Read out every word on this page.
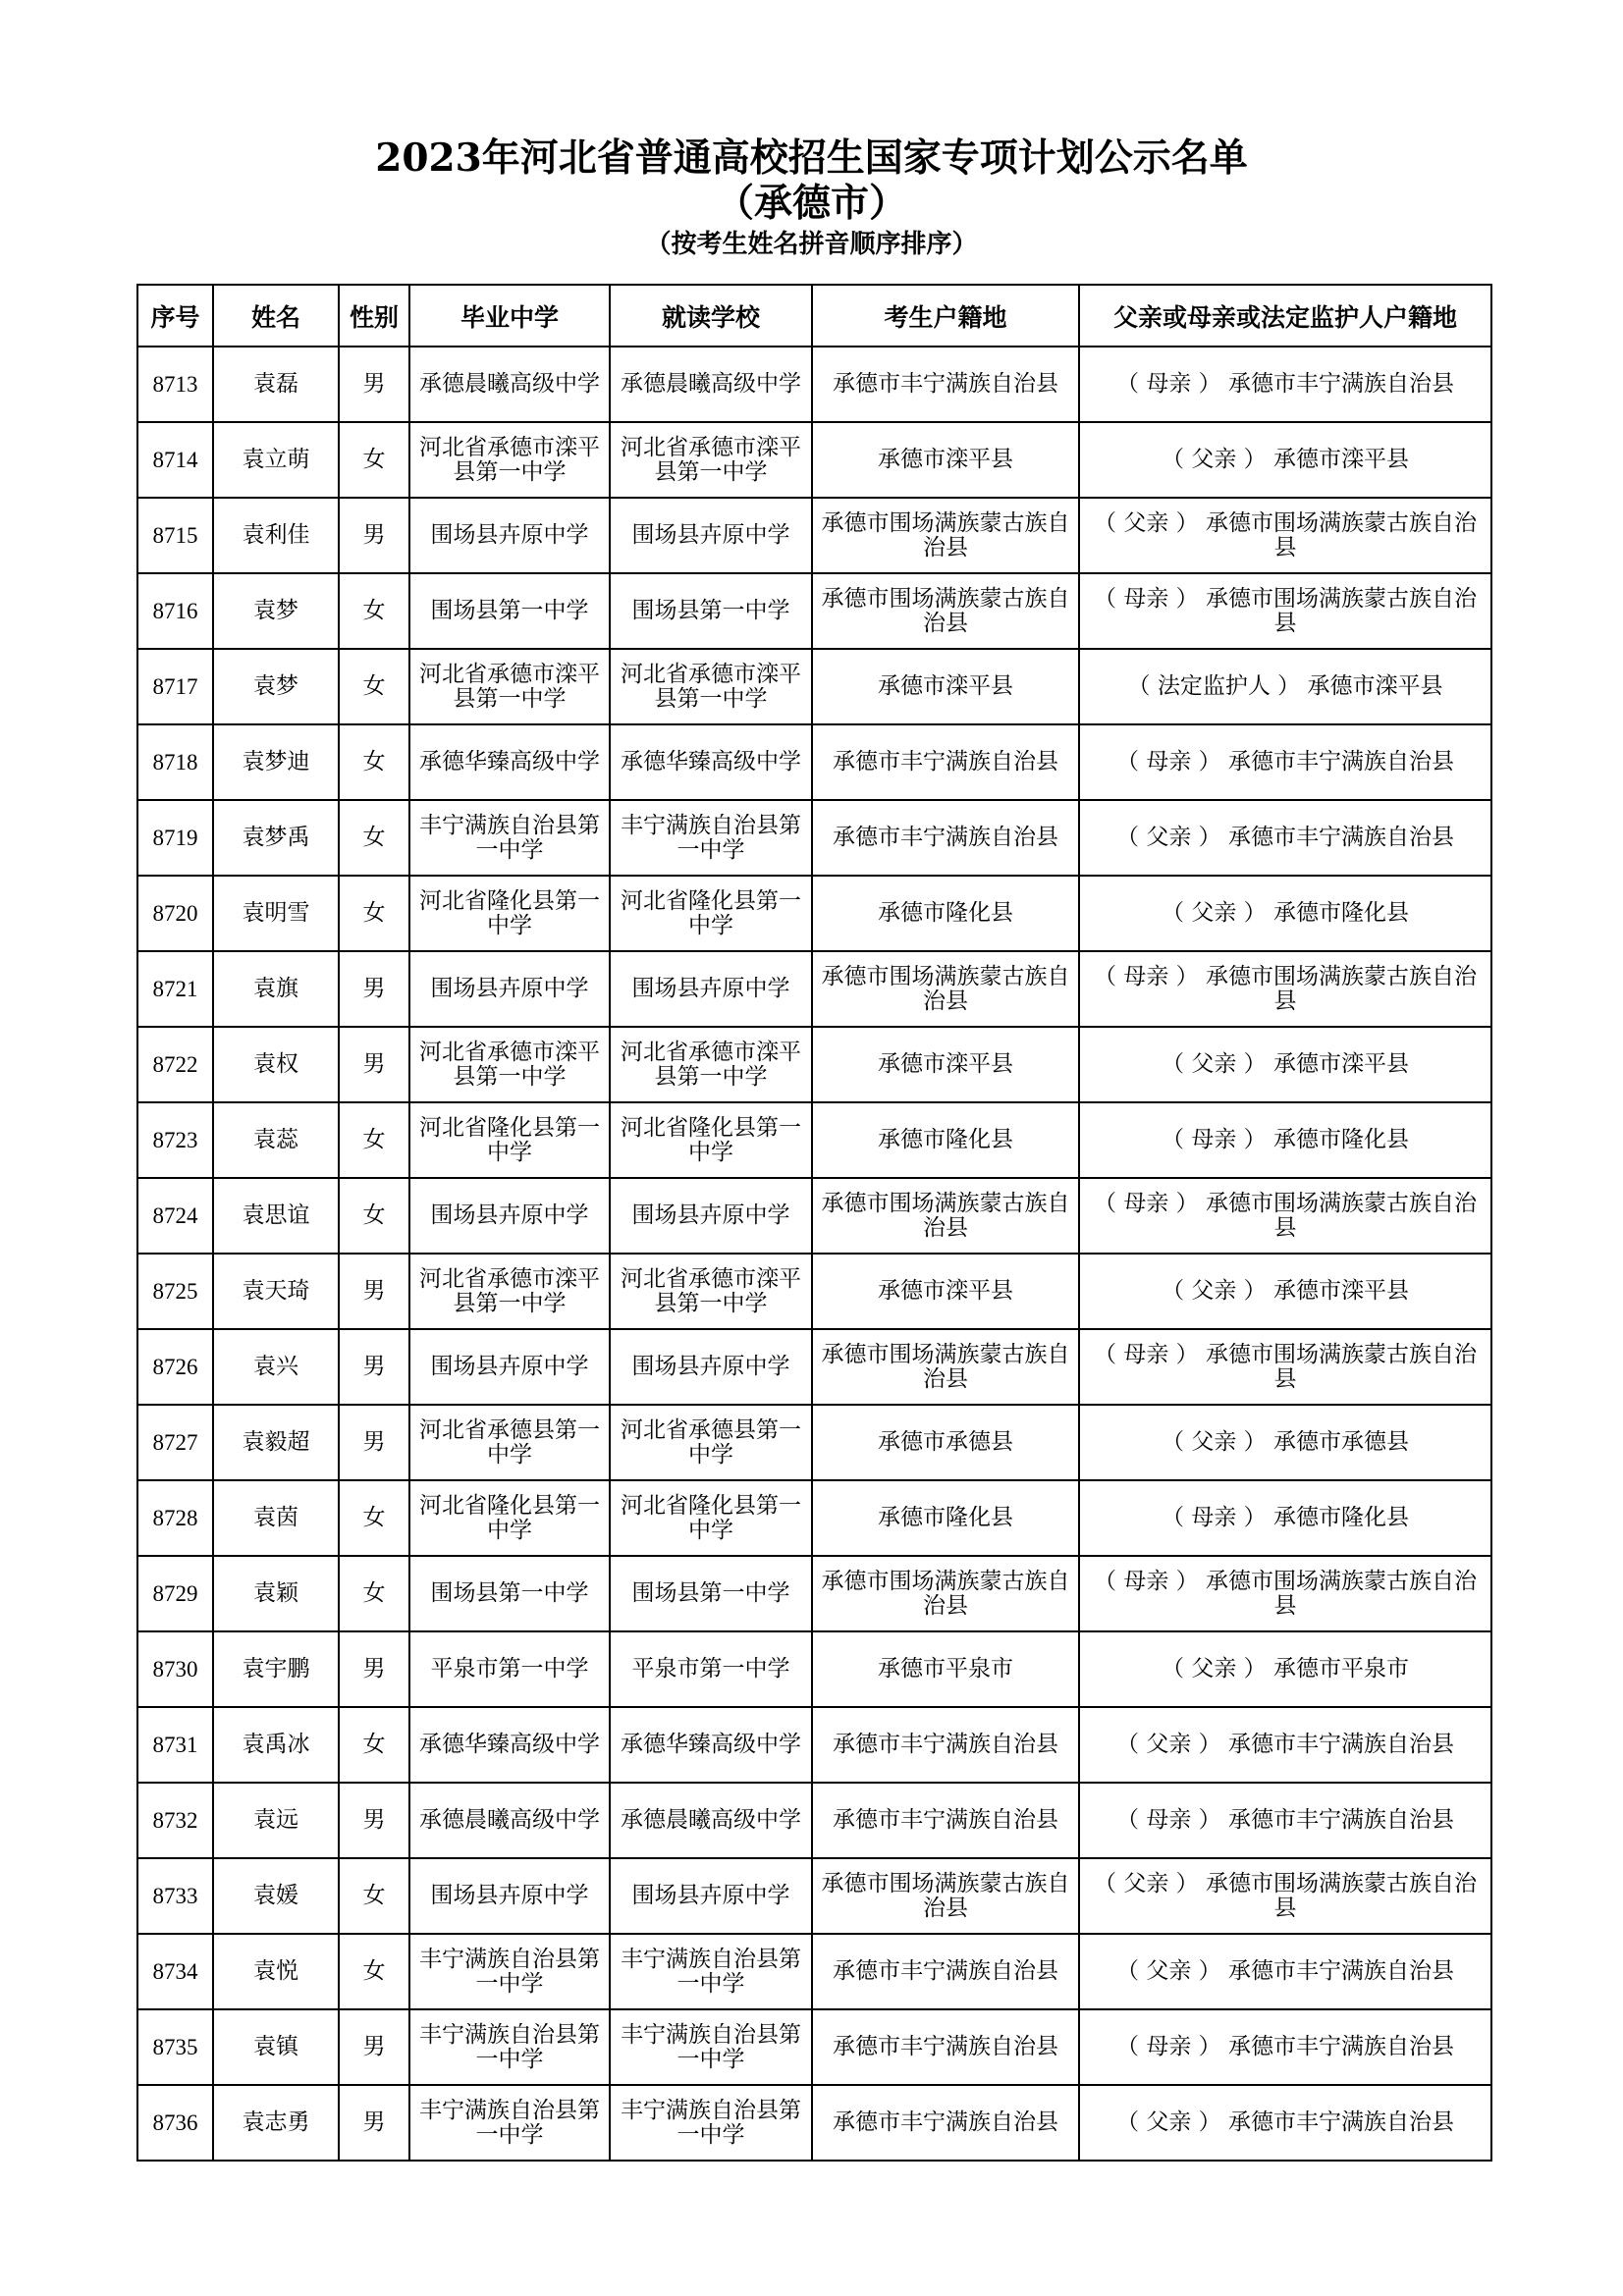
2023年河北省普通高校招生国家专项计划公示名单
（承德市）
（按考生姓名拼音顺序排序）
序号	姓名	性别	毕业中学	就读学校	考生户籍地	父亲或母亲或法定监护人户籍地
8713	袁磊	男	承德晨曦高级中学	承德晨曦高级中学	承德市丰宁满族自治县	（ 母亲 ） 承德市丰宁满族自治县
8714	袁立萌	女	河北省承德市滦平县第一中学	河北省承德市滦平县第一中学	承德市滦平县	（ 父亲 ） 承德市滦平县
8715	袁利佳	男	围场县卉原中学	围场县卉原中学	承德市围场满族蒙古族自治县	（ 父亲 ） 承德市围场满族蒙古族自治县
8716	袁梦	女	围场县第一中学	围场县第一中学	承德市围场满族蒙古族自治县	（ 母亲 ） 承德市围场满族蒙古族自治县
8717	袁梦	女	河北省承德市滦平县第一中学	河北省承德市滦平县第一中学	承德市滦平县	（ 法定监护人 ） 承德市滦平县
8718	袁梦迪	女	承德华臻高级中学	承德华臻高级中学	承德市丰宁满族自治县	（ 母亲 ） 承德市丰宁满族自治县
8719	袁梦禹	女	丰宁满族自治县第一中学	丰宁满族自治县第一中学	承德市丰宁满族自治县	（ 父亲 ） 承德市丰宁满族自治县
8720	袁明雪	女	河北省隆化县第一中学	河北省隆化县第一中学	承德市隆化县	（ 父亲 ） 承德市隆化县
8721	袁旗	男	围场县卉原中学	围场县卉原中学	承德市围场满族蒙古族自治县	（ 母亲 ） 承德市围场满族蒙古族自治县
8722	袁权	男	河北省承德市滦平县第一中学	河北省承德市滦平县第一中学	承德市滦平县	（ 父亲 ） 承德市滦平县
8723	袁蕊	女	河北省隆化县第一中学	河北省隆化县第一中学	承德市隆化县	（ 母亲 ） 承德市隆化县
8724	袁思谊	女	围场县卉原中学	围场县卉原中学	承德市围场满族蒙古族自治县	（ 母亲 ） 承德市围场满族蒙古族自治县
8725	袁天琦	男	河北省承德市滦平县第一中学	河北省承德市滦平县第一中学	承德市滦平县	（ 父亲 ） 承德市滦平县
8726	袁兴	男	围场县卉原中学	围场县卉原中学	承德市围场满族蒙古族自治县	（ 母亲 ） 承德市围场满族蒙古族自治县
8727	袁毅超	男	河北省承德县第一中学	河北省承德县第一中学	承德市承德县	（ 父亲 ） 承德市承德县
8728	袁茵	女	河北省隆化县第一中学	河北省隆化县第一中学	承德市隆化县	（ 母亲 ） 承德市隆化县
8729	袁颖	女	围场县第一中学	围场县第一中学	承德市围场满族蒙古族自治县	（ 母亲 ） 承德市围场满族蒙古族自治县
8730	袁宇鹏	男	平泉市第一中学	平泉市第一中学	承德市平泉市	（ 父亲 ） 承德市平泉市
8731	袁禹冰	女	承德华臻高级中学	承德华臻高级中学	承德市丰宁满族自治县	（ 父亲 ） 承德市丰宁满族自治县
8732	袁远	男	承德晨曦高级中学	承德晨曦高级中学	承德市丰宁满族自治县	（ 母亲 ） 承德市丰宁满族自治县
8733	袁媛	女	围场县卉原中学	围场县卉原中学	承德市围场满族蒙古族自治县	（ 父亲 ） 承德市围场满族蒙古族自治县
8734	袁悦	女	丰宁满族自治县第一中学	丰宁满族自治县第一中学	承德市丰宁满族自治县	（ 父亲 ） 承德市丰宁满族自治县
8735	袁镇	男	丰宁满族自治县第一中学	丰宁满族自治县第一中学	承德市丰宁满族自治县	（ 母亲 ） 承德市丰宁满族自治县
8736	袁志勇	男	丰宁满族自治县第一中学	丰宁满族自治县第一中学	承德市丰宁满族自治县	（ 父亲 ） 承德市丰宁满族自治县
